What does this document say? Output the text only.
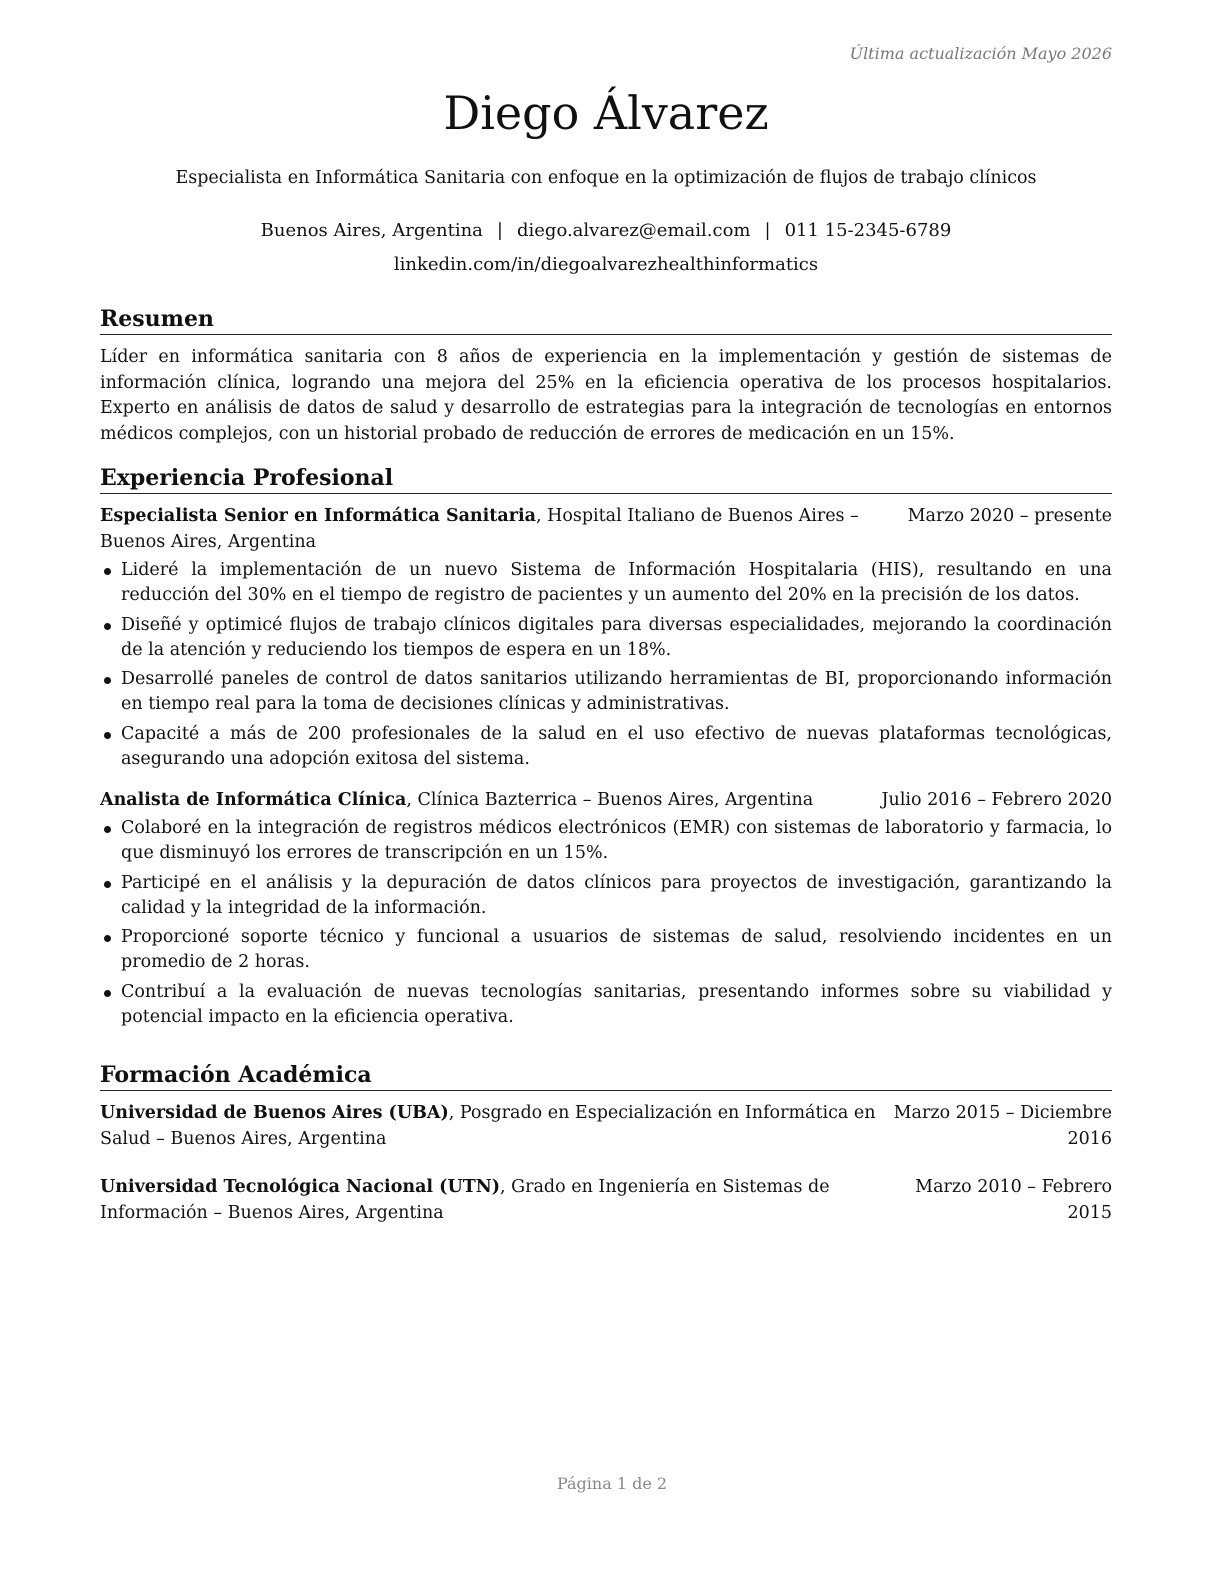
Última actualización Mayo 2026
Diego Álvarez
Especialista en Informática Sanitaria con enfoque en la optimización de flujos de trabajo clínicos
Buenos Aires, Argentina | diego.alvarez@email.com | 011 15-2345-6789
linkedin.com/in/diegoalvarezhealthinformatics
Resumen

Líder en informática sanitaria con 8 años de experiencia en la implementación y gestión de sistemas de información clínica, logrando una mejora del 25% en la eficiencia operativa de los procesos hospitalarios. Experto en análisis de datos de salud y desarrollo de estrategias para la integración de tecnologías en entornos médicos complejos, con un historial probado de reducción de errores de medicación en un 15%.

Experiencia Profesional
Especialista Senior en Informática Sanitaria, Hospital Italiano de Buenos Aires – Buenos Aires, Argentina
Marzo 2020 – presente
Lideré la implementación de un nuevo Sistema de Información Hospitalaria (HIS), resultando en una reducción del 30% en el tiempo de registro de pacientes y un aumento del 20% en la precisión de los datos.
Diseñé y optimicé flujos de trabajo clínicos digitales para diversas especialidades, mejorando la coordinación de la atención y reduciendo los tiempos de espera en un 18%.
Desarrollé paneles de control de datos sanitarios utilizando herramientas de BI, proporcionando información en tiempo real para la toma de decisiones clínicas y administrativas.
Capacité a más de 200 profesionales de la salud en el uso efectivo de nuevas plataformas tecnológicas, asegurando una adopción exitosa del sistema.
Analista de Informática Clínica, Clínica Bazterrica – Buenos Aires, Argentina	Julio 2016 – Febrero 2020
Colaboré en la integración de registros médicos electrónicos (EMR) con sistemas de laboratorio y farmacia, lo que disminuyó los errores de transcripción en un 15%.
Participé en el análisis y la depuración de datos clínicos para proyectos de investigación, garantizando la calidad y la integridad de la información.
Proporcioné soporte técnico y funcional a usuarios de sistemas de salud, resolviendo incidentes en un promedio de 2 horas.
Contribuí a la evaluación de nuevas tecnologías sanitarias, presentando informes sobre su viabilidad y potencial impacto en la eficiencia operativa.
Formación Académica
Universidad de Buenos Aires (UBA), Posgrado en Especialización en Informática en Salud – Buenos Aires, Argentina
Marzo 2015 – Diciembre 2016
Universidad Tecnológica Nacional (UTN), Grado en Ingeniería en Sistemas de Información – Buenos Aires, Argentina
Marzo 2010 – Febrero 2015
Página 1 de 2
